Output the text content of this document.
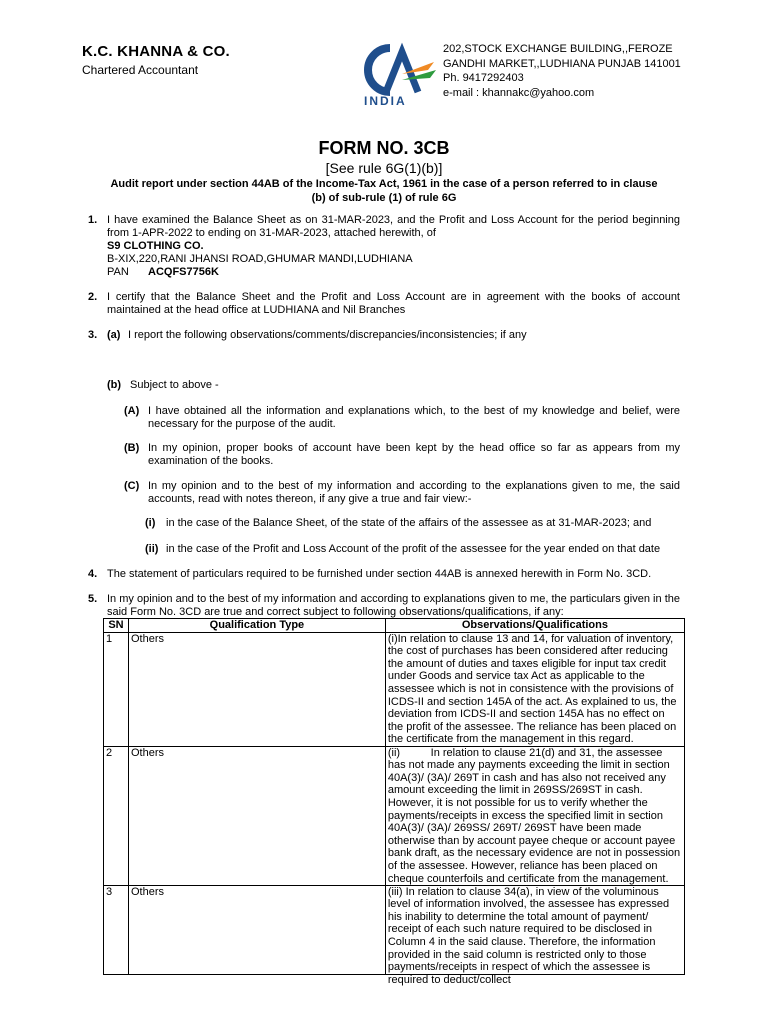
K.C. KHANNA & CO.
Chartered Accountant
INDIA
202,STOCK EXCHANGE BUILDING,,FEROZE
GANDHI MARKET,,LUDHIANA PUNJAB 141001
Ph. 9417292403
e-mail : khannakc@yahoo.com
FORM NO. 3CB
[See rule 6G(1)(b)]
Audit report under section 44AB of the Income-Tax Act, 1961 in the case of a person referred to in clause (b) of sub-rule (1) of rule 6G
1. I have examined the Balance Sheet as on 31-MAR-2023, and the Profit and Loss Account for the period beginning from 1-APR-2022 to ending on 31-MAR-2023, attached herewith, of
S9 CLOTHING CO.
B-XIX,220,RANI JHANSI ROAD,GHUMAR MANDI,LUDHIANA
PAN ACQFS7756K
2. I certify that the Balance Sheet and the Profit and Loss Account are in agreement with the books of account maintained at the head office at LUDHIANA and Nil Branches
3. (a) I report the following observations/comments/discrepancies/inconsistencies; if any
(b) Subject to above -
(A) I have obtained all the information and explanations which, to the best of my knowledge and belief, were necessary for the purpose of the audit.
(B) In my opinion, proper books of account have been kept by the head office so far as appears from my examination of the books.
(C) In my opinion and to the best of my information and according to the explanations given to me, the said accounts, read with notes thereon, if any give a true and fair view:-
(i) in the case of the Balance Sheet, of the state of the affairs of the assessee as at 31-MAR-2023; and
(ii) in the case of the Profit and Loss Account of the profit of the assessee for the year ended on that date
4. The statement of particulars required to be furnished under section 44AB is annexed herewith in Form No. 3CD.
5. In my opinion and to the best of my information and according to explanations given to me, the particulars given in the said Form No. 3CD are true and correct subject to following observations/qualifications, if any:
SN	Qualification Type	Observations/Qualifications
1	Others	(i)In relation to clause 13 and 14, for valuation of inventory, the cost of purchases has been considered after reducing the amount of duties and taxes eligible for input tax credit under Goods and service tax Act as applicable to the assessee which is not in consistence with the provisions of ICDS-II and section 145A of the act. As explained to us, the deviation from ICDS-II and section 145A has no effect on the profit of the assessee. The reliance has been placed on the certificate from the management in this regard.

2	Others	(ii)          In relation to clause 21(d) and 31, the assessee has not made any payments exceeding the limit in section 40A(3)/ (3A)/ 269T in cash and has also not received any amount exceeding the limit in 269SS/269ST in cash. However, it is not possible for us to verify whether the payments/receipts in excess the specified limit in section 40A(3)/ (3A)/ 269SS/ 269T/ 269ST have been made otherwise than by account payee cheque or account payee bank draft, as the necessary evidence are not in possession of the assessee. However, reliance has been placed on cheque counterfoils and certificate from the management.

3	Others	(iii) In relation to clause 34(a), in view of the voluminous level of information involved, the assessee has expressed his inability to determine the total amount of payment/ receipt of each such nature required to be disclosed in Column 4 in the said clause. Therefore, the information provided in the said column is restricted only to those payments/receipts in respect of which the assessee is required to deduct/collect
